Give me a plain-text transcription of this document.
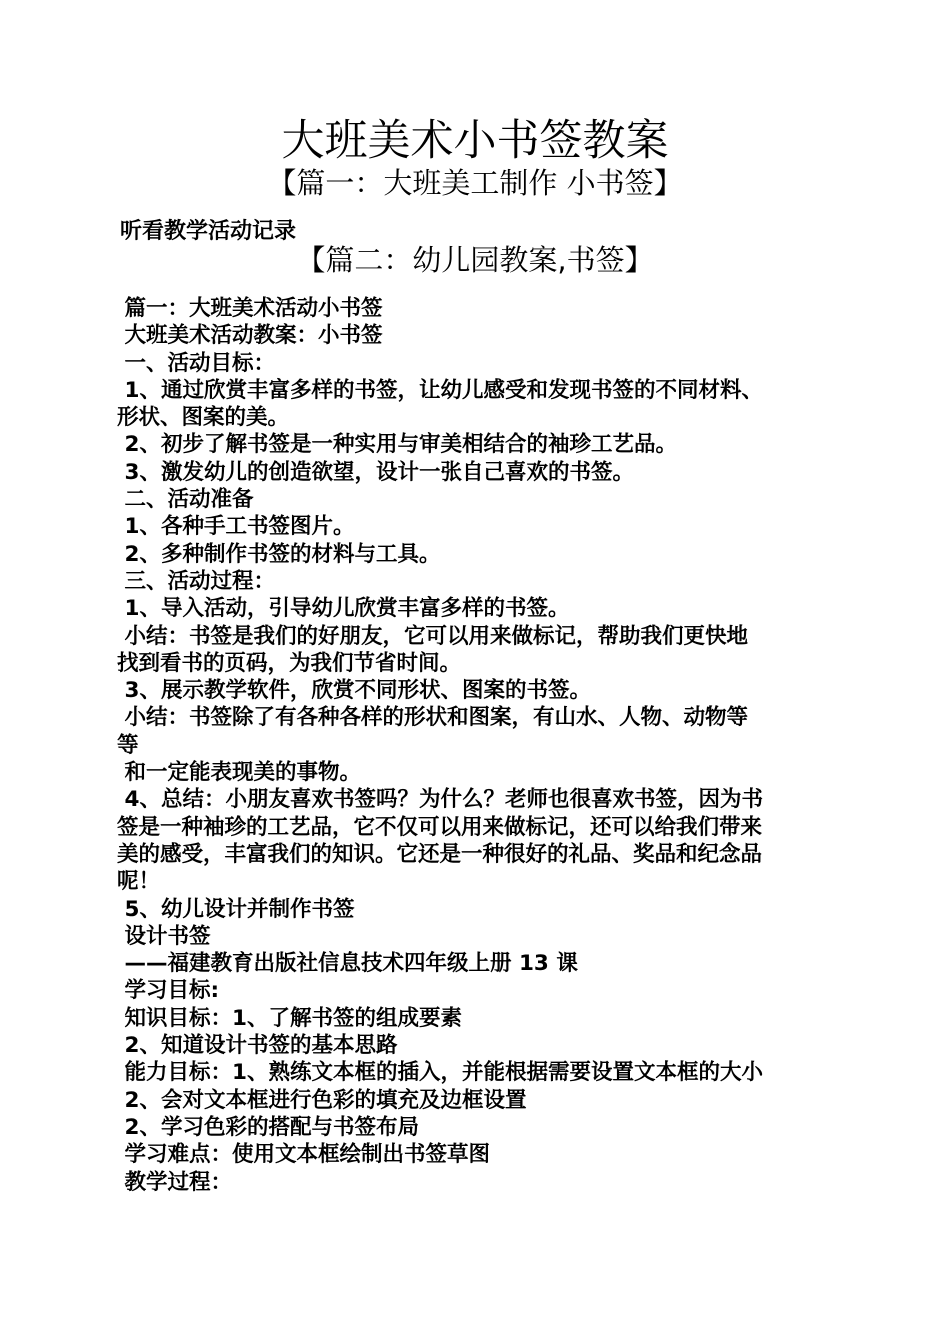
大班美术小书签教案
【篇一：大班美工制作 小书签】
听看教学活动记录
【篇二：幼儿园教案,书签】
篇一：大班美术活动小书签
大班美术活动教案：小书签
一、活动目标：
1、通过欣赏丰富多样的书签，让幼儿感受和发现书签的不同材料、
形状、图案的美。
2、初步了解书签是一种实用与审美相结合的袖珍工艺品。
3、激发幼儿的创造欲望，设计一张自己喜欢的书签。
二、活动准备
1、各种手工书签图片。
2、多种制作书签的材料与工具。
三、活动过程：
1、导入活动，引导幼儿欣赏丰富多样的书签。
小结：书签是我们的好朋友，它可以用来做标记，帮助我们更快地
找到看书的页码，为我们节省时间。
3、展示教学软件，欣赏不同形状、图案的书签。
小结：书签除了有各种各样的形状和图案，有山水、人物、动物等
等
和一定能表现美的事物。
4、总结：小朋友喜欢书签吗？为什么？老师也很喜欢书签，因为书
签是一种袖珍的工艺品，它不仅可以用来做标记，还可以给我们带来
美的感受，丰富我们的知识。它还是一种很好的礼品、奖品和纪念品
呢！
5、幼儿设计并制作书签
设计书签
——福建教育出版社信息技术四年级上册 13 课
学习目标:
知识目标：1、了解书签的组成要素
2、知道设计书签的基本思路
能力目标：1、熟练文本框的插入，并能根据需要设置文本框的大小
2、会对文本框进行色彩的填充及边框设置
2、学习色彩的搭配与书签布局
学习难点：使用文本框绘制出书签草图
教学过程：
